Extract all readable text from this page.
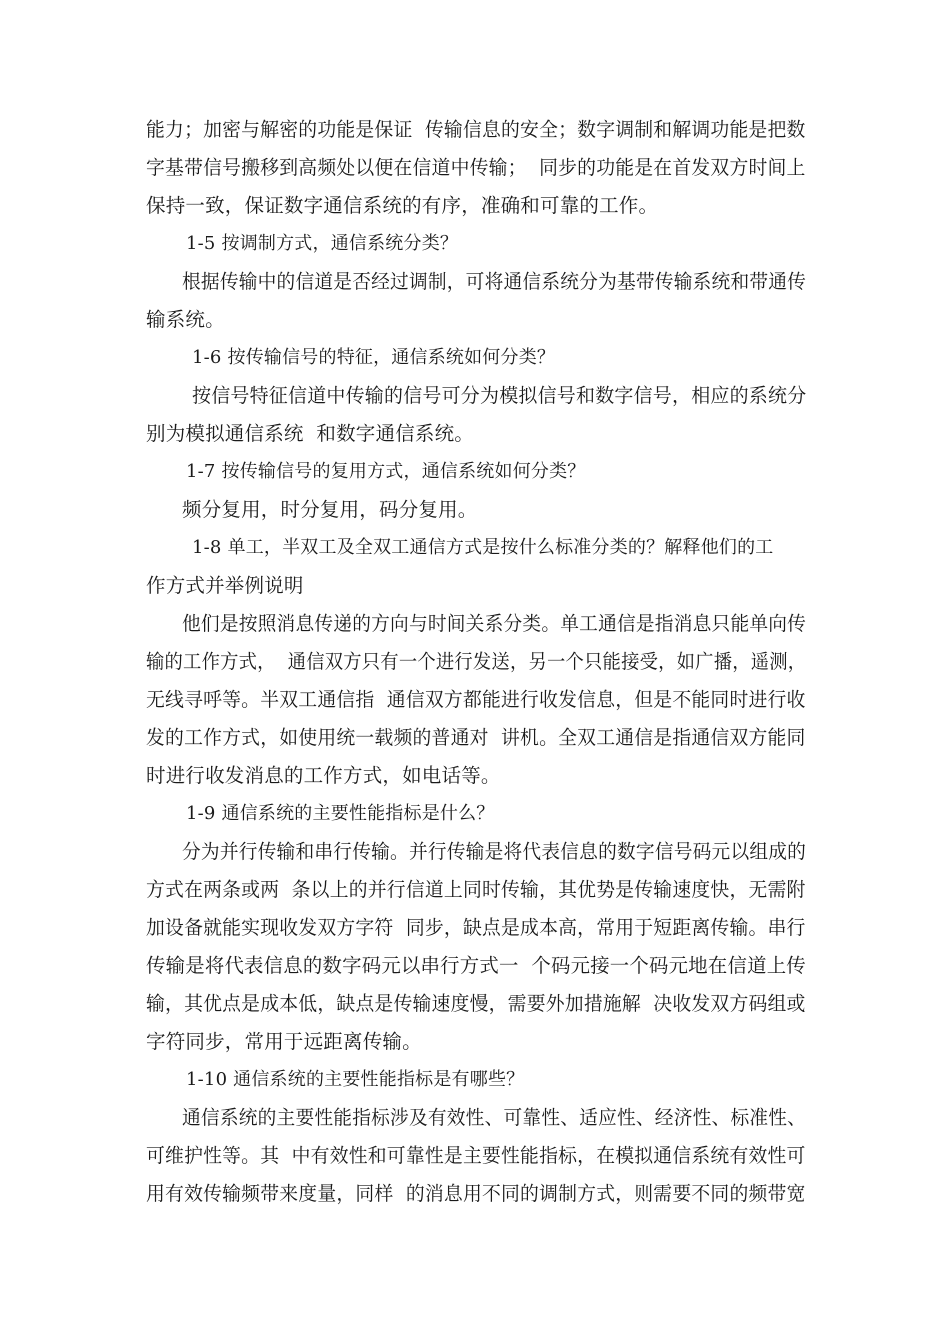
能力；加密与解密的功能是保证  传输信息的安全；数字调制和解调功能是把数
字基带信号搬移到高频处以便在信道中传输；  同步的功能是在首发双方时间上
保持一致，保证数字通信系统的有序，准确和可靠的工作。
1-5 按调制方式，通信系统分类？
根据传输中的信道是否经过调制，可将通信系统分为基带传输系统和带通传
输系统。
1-6 按传输信号的特征，通信系统如何分类？
按信号特征信道中传输的信号可分为模拟信号和数字信号，相应的系统分
别为模拟通信系统  和数字通信系统。
1-7 按传输信号的复用方式，通信系统如何分类？
频分复用，时分复用，码分复用。
1-8 单工，半双工及全双工通信方式是按什么标准分类的？解释他们的工
作方式并举例说明
他们是按照消息传递的方向与时间关系分类。单工通信是指消息只能单向传
输的工作方式，  通信双方只有一个进行发送，另一个只能接受，如广播，遥测，
无线寻呼等。半双工通信指  通信双方都能进行收发信息，但是不能同时进行收
发的工作方式，如使用统一载频的普通对  讲机。全双工通信是指通信双方能同
时进行收发消息的工作方式，如电话等。
1-9 通信系统的主要性能指标是什么？
分为并行传输和串行传输。并行传输是将代表信息的数字信号码元以组成的
方式在两条或两  条以上的并行信道上同时传输，其优势是传输速度快，无需附
加设备就能实现收发双方字符  同步，缺点是成本高，常用于短距离传输。串行
传输是将代表信息的数字码元以串行方式一  个码元接一个码元地在信道上传
输，其优点是成本低，缺点是传输速度慢，需要外加措施解  决收发双方码组或
字符同步，常用于远距离传输。
1-10 通信系统的主要性能指标是有哪些？
通信系统的主要性能指标涉及有效性、可靠性、适应性、经济性、标准性、
可维护性等。其  中有效性和可靠性是主要性能指标，在模拟通信系统有效性可
用有效传输频带来度量，同样  的消息用不同的调制方式，则需要不同的频带宽
